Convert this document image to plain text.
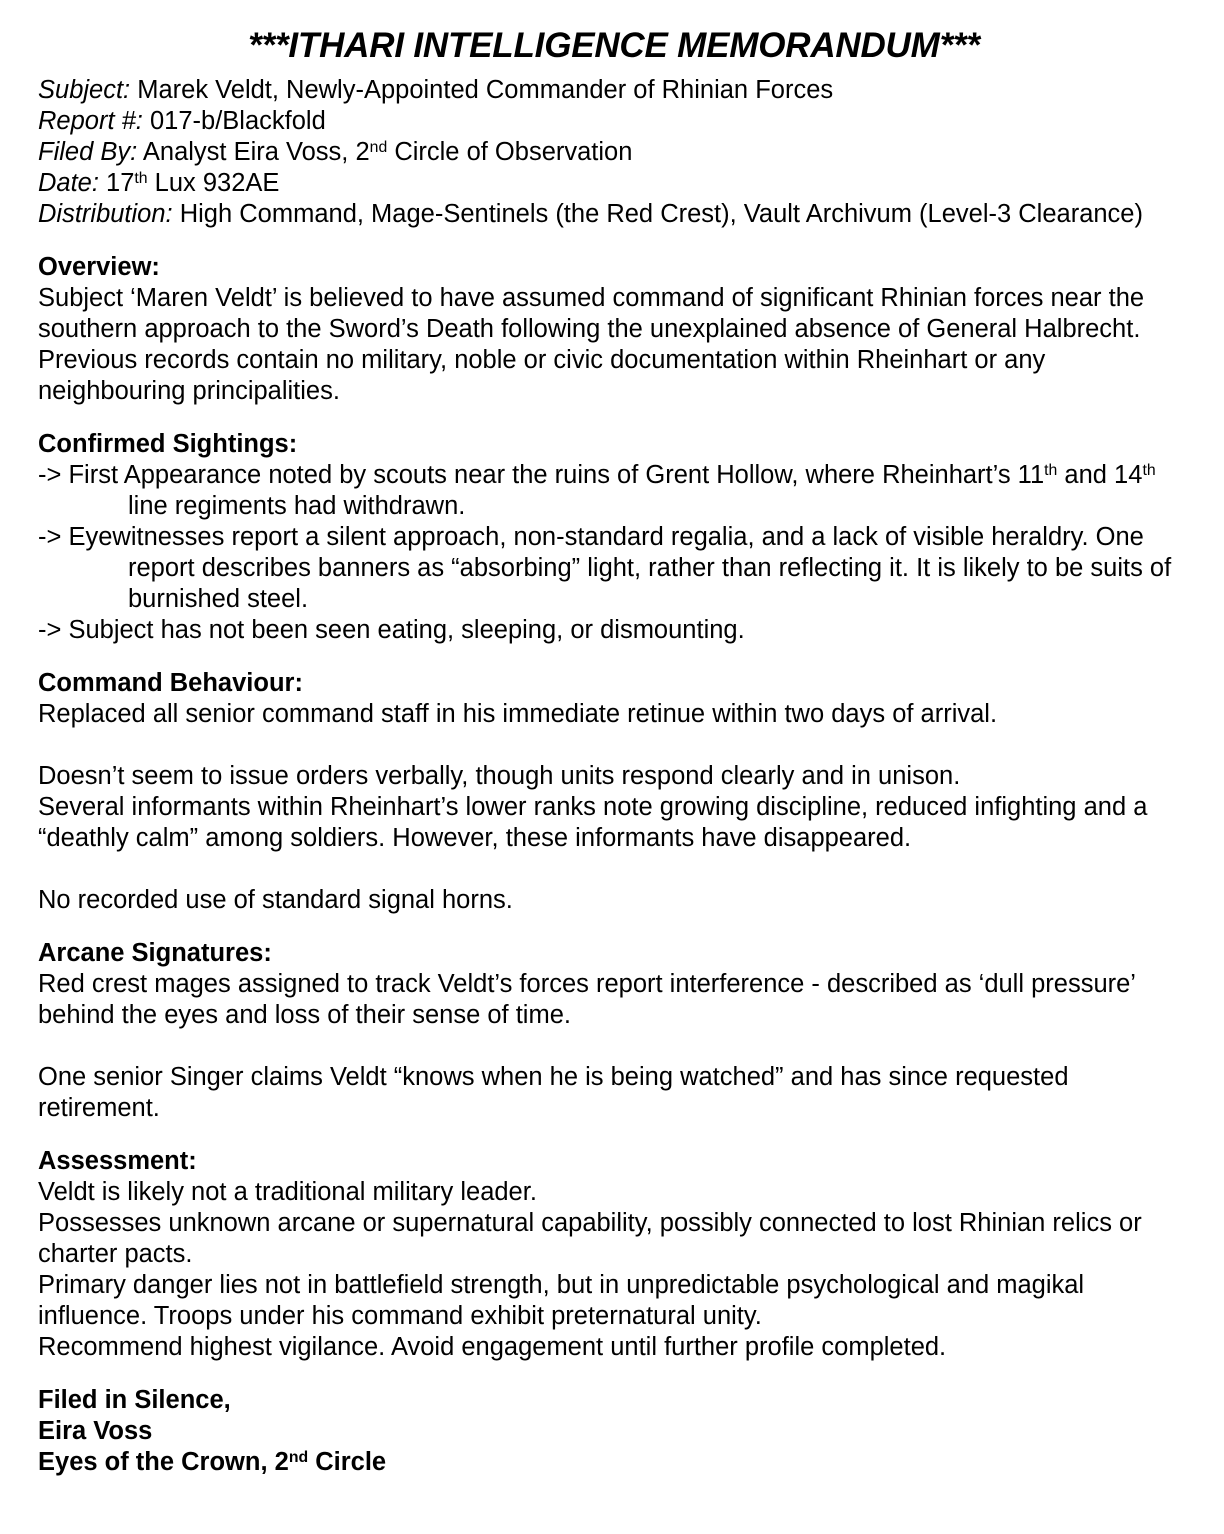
***ITHARI INTELLIGENCE MEMORANDUM***

Subject: Marek Veldt, Newly-Appointed Commander of Rhinian Forces

Report #: 017-b/Blackfold

Filed By: Analyst Eira Voss, 2nd Circle of Observation

Date: 17th Lux 932AE

Distribution: High Command, Mage-Sentinels (the Red Crest), Vault Archivum (Level-3 Clearance)

Overview:

Subject ‘Maren Veldt’ is believed to have assumed command of significant Rhinian forces near the southern approach to the Sword’s Death following the unexplained absence of General Halbrecht. Previous records contain no military, noble or civic documentation within Rheinhart or any neighbouring principalities.

Confirmed Sightings:

-> First Appearance noted by scouts near the ruins of Grent Hollow, where Rheinhart’s 11th and 14th line regiments had withdrawn.

-> Eyewitnesses report a silent approach, non-standard regalia, and a lack of visible heraldry. One report describes banners as “absorbing” light, rather than reflecting it. It is likely to be suits of burnished steel.

-> Subject has not been seen eating, sleeping, or dismounting.

Command Behaviour:

Replaced all senior command staff in his immediate retinue within two days of arrival.

Doesn’t seem to issue orders verbally, though units respond clearly and in unison.

Several informants within Rheinhart’s lower ranks note growing discipline, reduced infighting and a “deathly calm” among soldiers. However, these informants have disappeared.

No recorded use of standard signal horns.

Arcane Signatures:

Red crest mages assigned to track Veldt’s forces report interference - described as ‘dull pressure’ behind the eyes and loss of their sense of time.

One senior Singer claims Veldt “knows when he is being watched” and has since requested retirement.

Assessment:

Veldt is likely not a traditional military leader.

Possesses unknown arcane or supernatural capability, possibly connected to lost Rhinian relics or charter pacts.

Primary danger lies not in battlefield strength, but in unpredictable psychological and magikal influence. Troops under his command exhibit preternatural unity.

Recommend highest vigilance. Avoid engagement until further profile completed.

Filed in Silence,

Eira Voss

Eyes of the Crown, 2nd Circle
